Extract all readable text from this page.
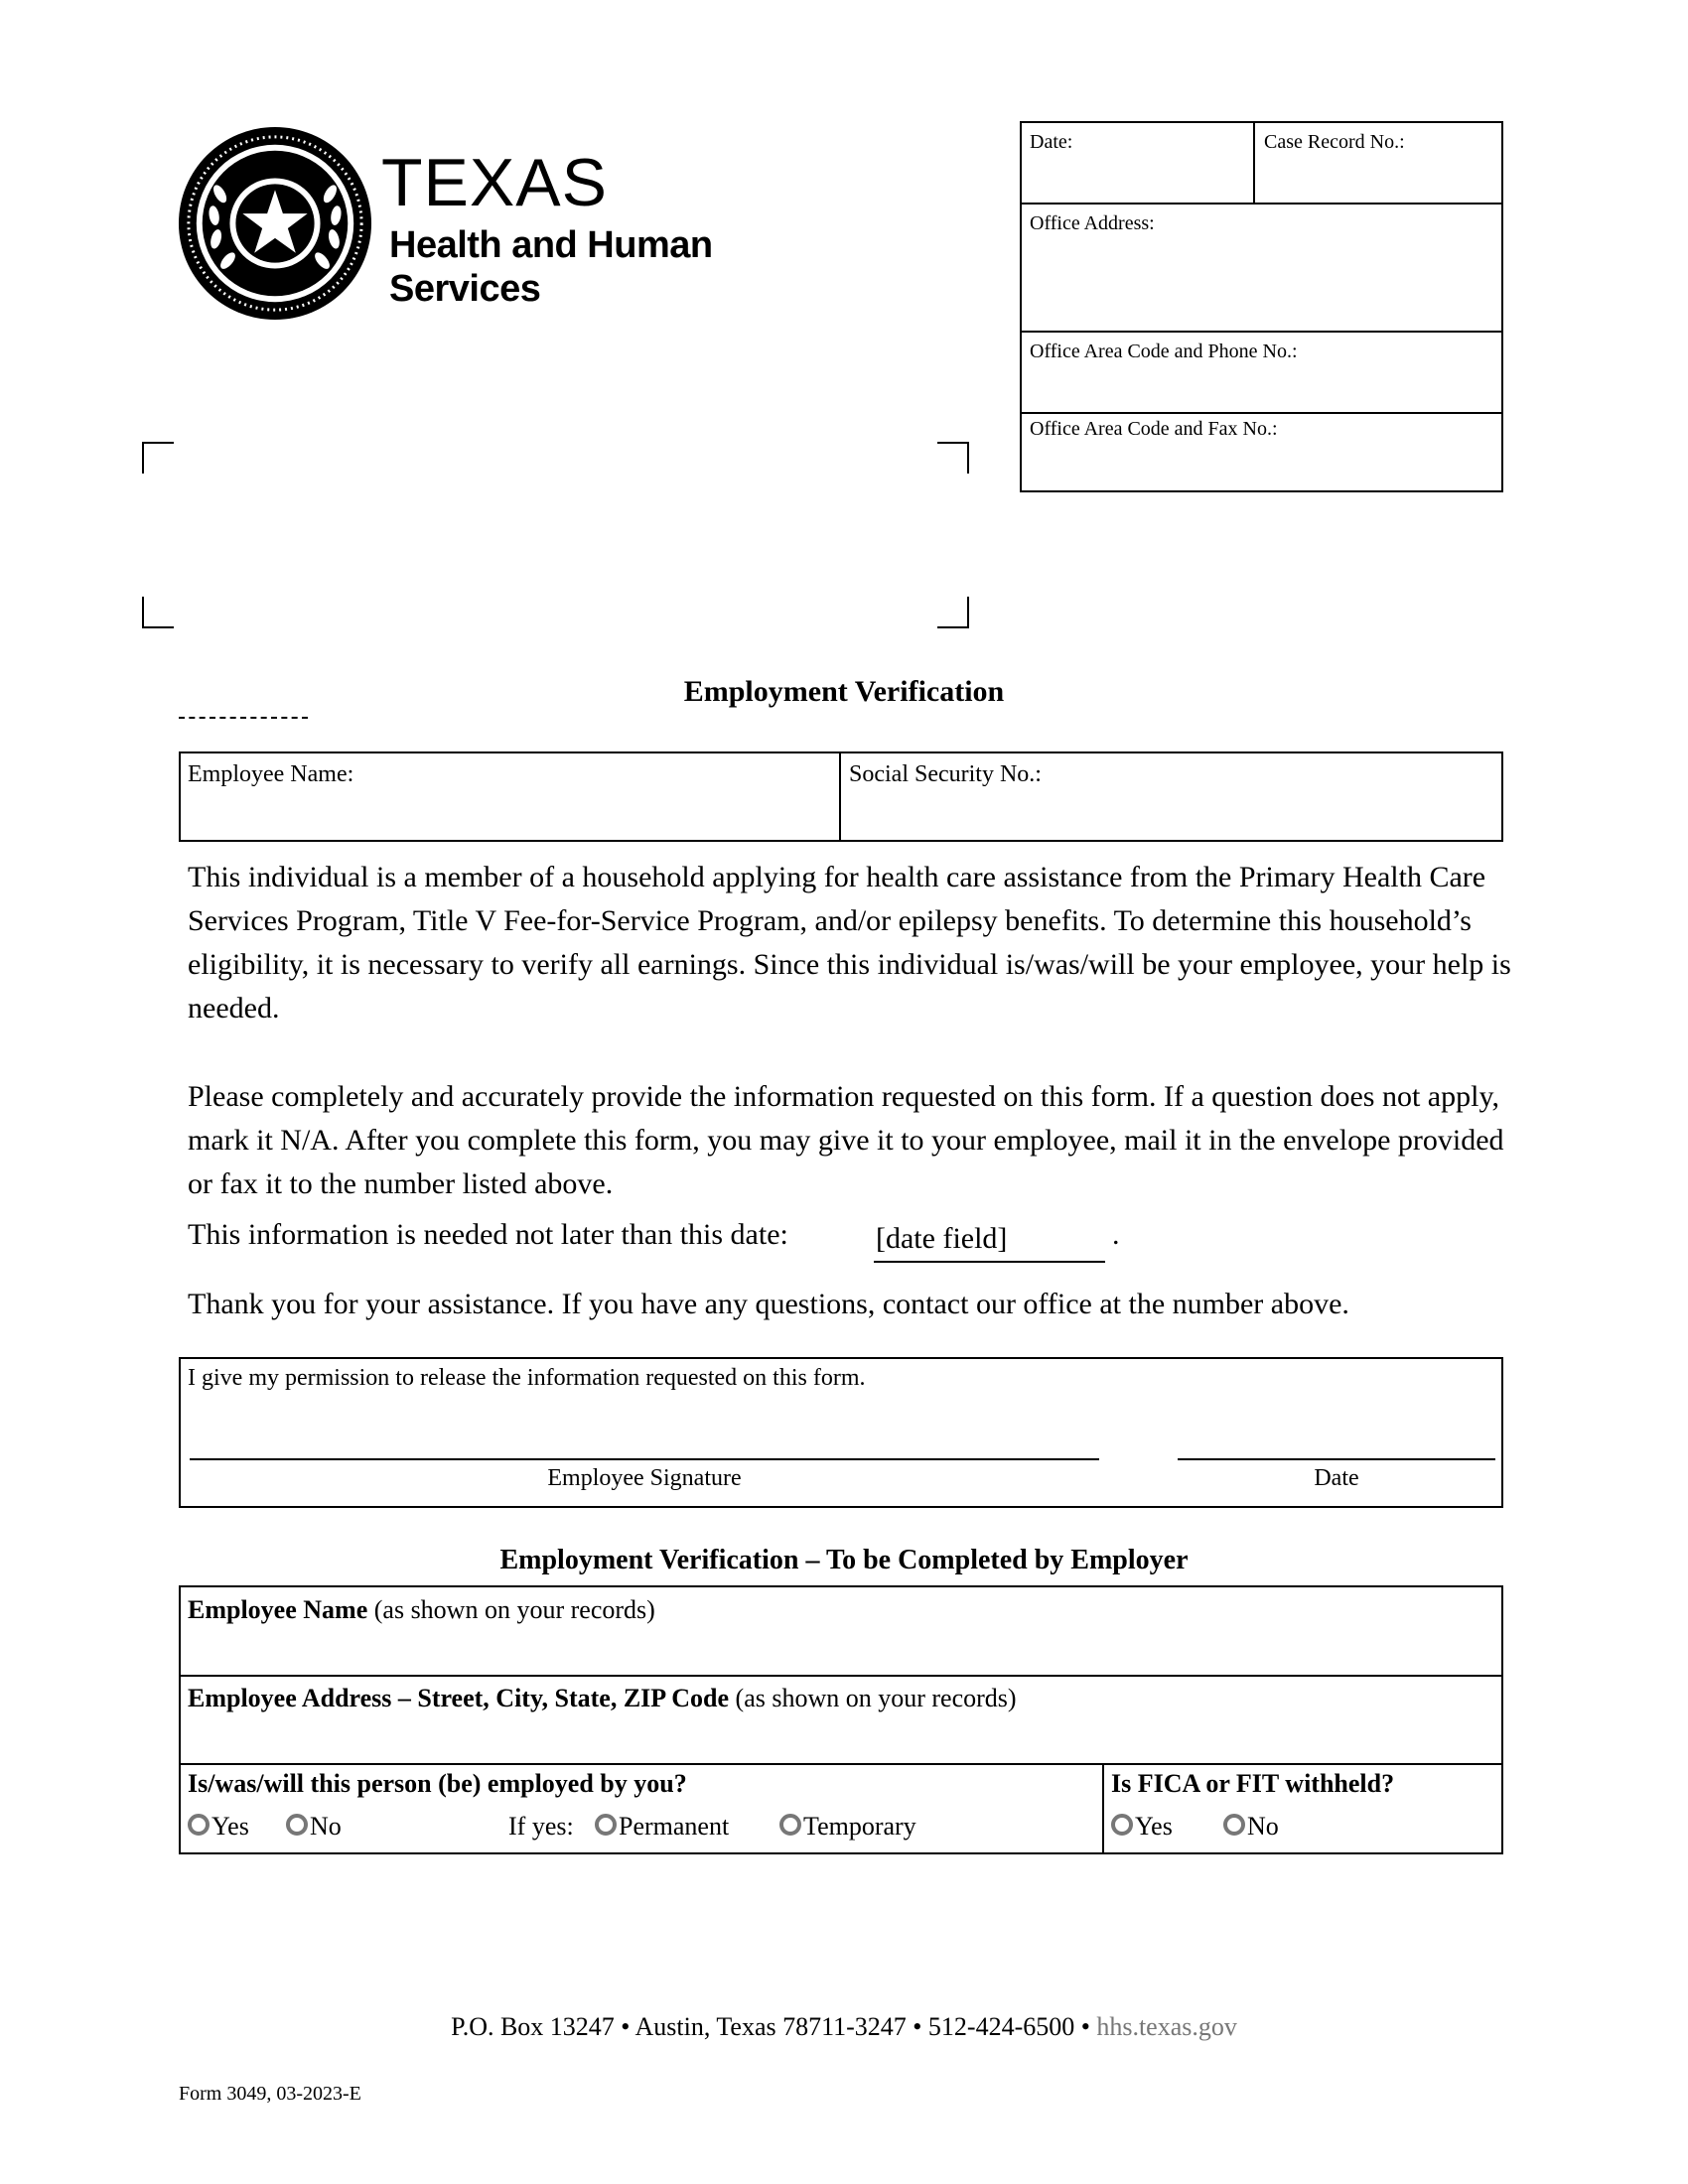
TEXAS
Health and Human
Services
Date:	Case Record No.:
Office Address:
Office Area Code and Phone No.:
Office Area Code and Fax No.:
Employment Verification
Employee Name:	Social Security No.:
This individual is a member of a household applying for health care assistance from the Primary Health Care Services Program, Title V Fee-for-Service Program, and/or epilepsy benefits. To determine this household’s eligibility, it is necessary to verify all earnings. Since this individual is/was/will be your employee, your help is needed.
Please completely and accurately provide the information requested on this form. If a question does not apply, mark it N/A. After you complete this form, you may give it to your employee, mail it in the envelope provided or fax it to the number listed above.
This information is needed not later than this date:	[date field]	.
Thank you for your assistance. If you have any questions, contact our office at the number above.
I give my permission to release the information requested on this form.
Employee Signature	Date
Employment Verification – To be Completed by Employer
Employee Name (as shown on your records)
Employee Address – Street, City, State, ZIP Code (as shown on your records)
Is/was/will this person (be) employed by you?
Yes	No	If yes:	Permanent	Temporary
Is FICA or FIT withheld?
Yes	No
P.O. Box 13247 • Austin, Texas 78711-3247 • 512-424-6500 • hhs.texas.gov
Form 3049, 03-2023-E
